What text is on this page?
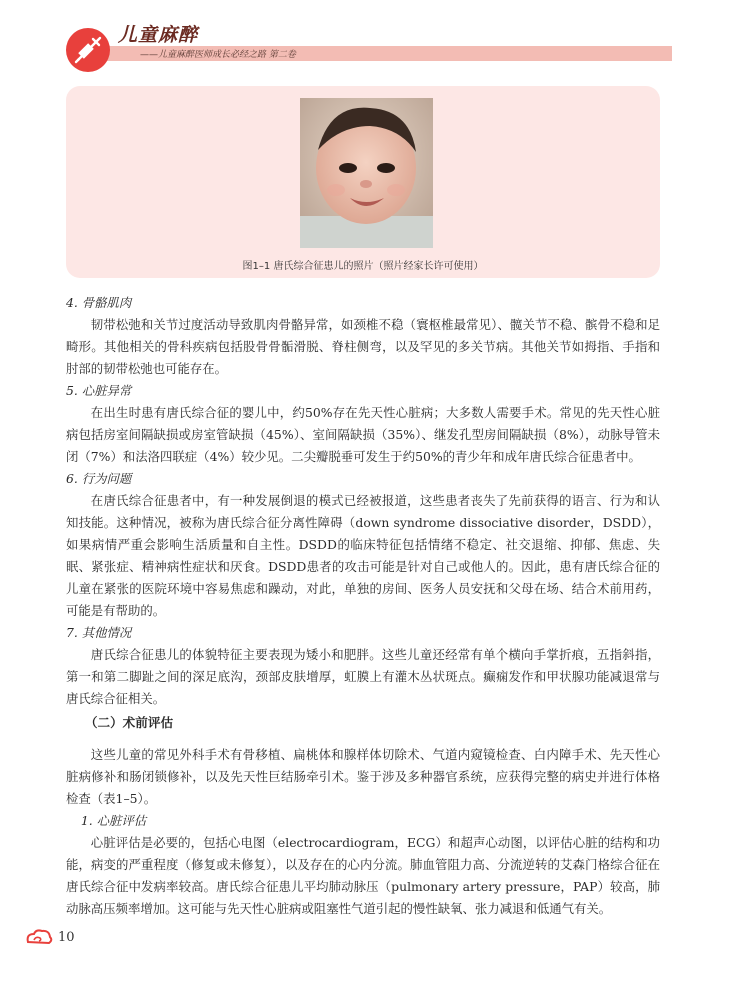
儿童麻醉
——儿童麻醉医师成长必经之路 第二卷
图1–1 唐氏综合征患儿的照片（照片经家长许可使用）

4. 骨骼肌肉

韧带松弛和关节过度活动导致肌肉骨骼异常，如颈椎不稳（寰枢椎最常见）、髋关节不稳、髌骨不稳和足畸形。其他相关的骨科疾病包括股骨骨骺滑脱、脊柱侧弯，以及罕见的多关节病。其他关节如拇指、手指和肘部的韧带松弛也可能存在。

5. 心脏异常

在出生时患有唐氏综合征的婴儿中，约50%存在先天性心脏病；大多数人需要手术。常见的先天性心脏病包括房室间隔缺损或房室管缺损（45%）、室间隔缺损（35%）、继发孔型房间隔缺损（8%），动脉导管未闭（7%）和法洛四联症（4%）较少见。二尖瓣脱垂可发生于约50%的青少年和成年唐氏综合征患者中。

6. 行为问题

在唐氏综合征患者中，有一种发展倒退的模式已经被报道，这些患者丧失了先前获得的语言、行为和认知技能。这种情况，被称为唐氏综合征分离性障碍（down syndrome dissociative disorder，DSDD），如果病情严重会影响生活质量和自主性。DSDD的临床特征包括情绪不稳定、社交退缩、抑郁、焦虑、失眠、紧张症、精神病性症状和厌食。DSDD患者的攻击可能是针对自己或他人的。因此，患有唐氏综合征的儿童在紧张的医院环境中容易焦虑和躁动，对此，单独的房间、医务人员安抚和父母在场、结合术前用药，可能是有帮助的。

7. 其他情况

唐氏综合征患儿的体貌特征主要表现为矮小和肥胖。这些儿童还经常有单个横向手掌折痕，五指斜指，第一和第二脚趾之间的深足底沟，颈部皮肤增厚，虹膜上有灌木丛状斑点。癫痫发作和甲状腺功能减退常与唐氏综合征相关。

（二）术前评估

这些儿童的常见外科手术有骨移植、扁桃体和腺样体切除术、气道内窥镜检查、白内障手术、先天性心脏病修补和肠闭锁修补，以及先天性巨结肠牵引术。鉴于涉及多种器官系统，应获得完整的病史并进行体格检查（表1–5）。

1. 心脏评估

心脏评估是必要的，包括心电图（electrocardiogram，ECG）和超声心动图，以评估心脏的结构和功能，病变的严重程度（修复或未修复），以及存在的心内分流。肺血管阻力高、分流逆转的艾森门格综合征在唐氏综合征中发病率较高。唐氏综合征患儿平均肺动脉压（pulmonary artery pressure，PAP）较高，肺动脉高压频率增加。这可能与先天性心脏病或阻塞性气道引起的慢性缺氧、张力减退和低通气有关。

10
